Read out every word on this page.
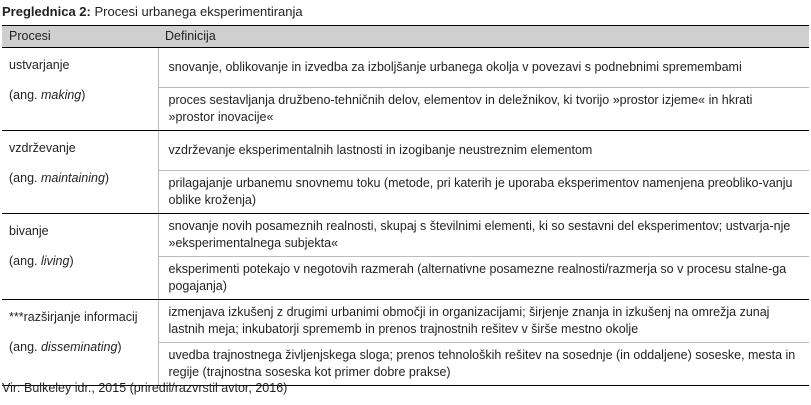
Preglednica 2: Procesi urbanega eksperimentiranja
Procesi	Definicija

ustvarjanje
(ang. making)	snovanje, oblikovanje in izvedba za izboljšanje urbanega okolja v povezavi s podnebnimi spremembami
	proces sestavljanja družbeno-tehničnih delov, elementov in deležnikov, ki tvorijo »prostor izjeme« in hkrati »prostor inovacije«

vzdrževanje
(ang. maintaining)	vzdrževanje eksperimentalnih lastnosti in izogibanje neustreznim elementom
	prilagajanje urbanemu snovnemu toku (metode, pri katerih je uporaba eksperimentov namenjena preobliko-vanju oblike kroženja)

bivanje
(ang. living)	snovanje novih posameznih realnosti, skupaj s številnimi elementi, ki so sestavni del eksperimentov; ustvarja-nje »eksperimentalnega subjekta«
	eksperimenti potekajo v negotovih razmerah (alternativne posamezne realnosti/razmerja so v procesu stalne-ga pogajanja)

***razširjanje informacij
(ang. disseminating)	izmenjava izkušenj z drugimi urbanimi območji in organizacijami; širjenje znanja in izkušenj na omrežja zunaj lastnih meja; inkubatorji sprememb in prenos trajnostnih rešitev v širše mestno okolje
	uvedba trajnostnega življenjskega sloga; prenos tehnoloških rešitev na sosednje (in oddaljene) soseske, mesta in regije (trajnostna soseska kot primer dobre prakse)
Vir: Bulkeley idr., 2015 (priredil/razvrstil avtor, 2016)
